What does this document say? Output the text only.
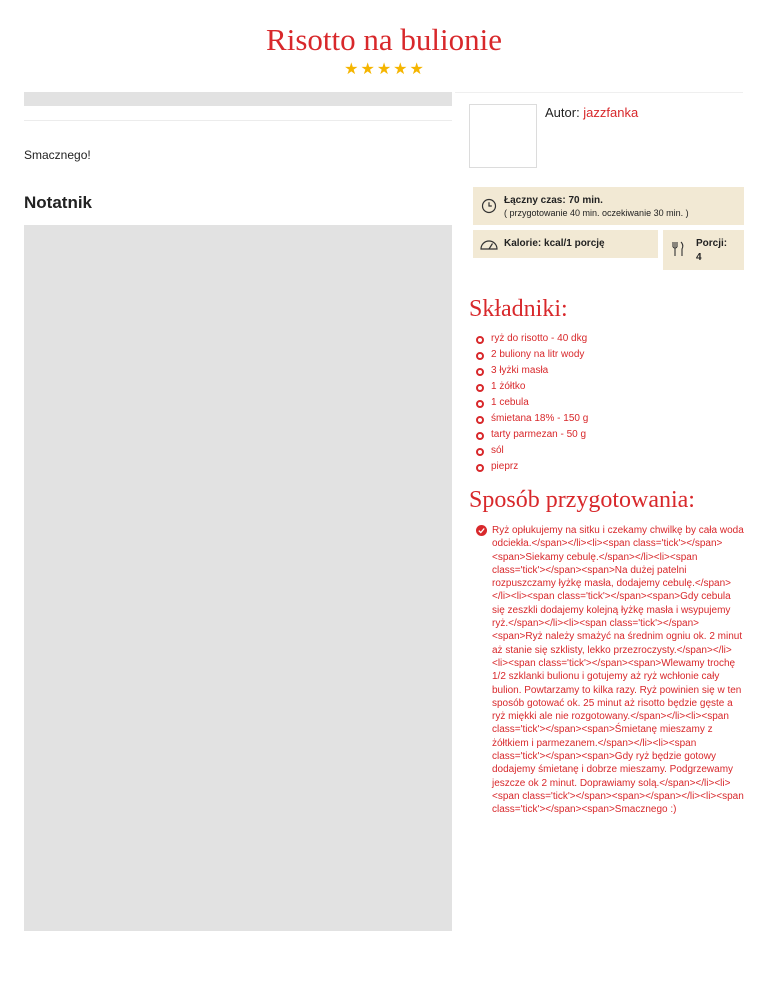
Risotto na bulionie
★ ★ ★ ★ ★
Smacznego!
Notatnik
Autor: jazzfanka
Łączny czas: 70 min.
( przygotowanie 40 min. oczekiwanie 30 min. )
Kalorie: kcal/1 porcję	Porcji:
4
Składniki:
ryż do risotto - 40 dkg
2 buliony na litr wody
3 łyżki masła
1 żółtko
1 cebula
śmietana 18% - 150 g
tarty parmezan - 50 g
sól
pieprz
Sposób przygotowania:
Ryż opłukujemy na sitku i czekamy chwilkę by cała woda odciekła.</span></li><li><span class='tick'></span><span>Siekamy cebulę.</span></li><li><span class='tick'></span><span>Na dużej patelni rozpuszczamy łyżkę masła, dodajemy cebulę.</span></li><li><span class='tick'></span><span>Gdy cebula się zeszkli dodajemy kolejną łyżkę masła i wsypujemy ryż.</span></li><li><span class='tick'></span><span>Ryż należy smażyć na średnim ogniu ok. 2 minut aż stanie się szklisty, lekko przezroczysty.</span></li><li><span class='tick'></span><span>Wlewamy trochę 1/2 szklanki bulionu i gotujemy aż ryż wchłonie cały bulion. Powtarzamy to kilka razy. Ryż powinien się w ten sposób gotować ok. 25 minut aż risotto będzie gęste a ryż miękki ale nie rozgotowany.</span></li><li><span class='tick'></span><span>Śmietanę mieszamy z żółtkiem i parmezanem.</span></li><li><span class='tick'></span><span>Gdy ryż będzie gotowy dodajemy śmietanę i dobrze mieszamy. Podgrzewamy jeszcze ok 2 minut. Doprawiamy solą.</span></li><li><span class='tick'></span><span></span></li><li><span class='tick'></span><span>Smacznego :)
